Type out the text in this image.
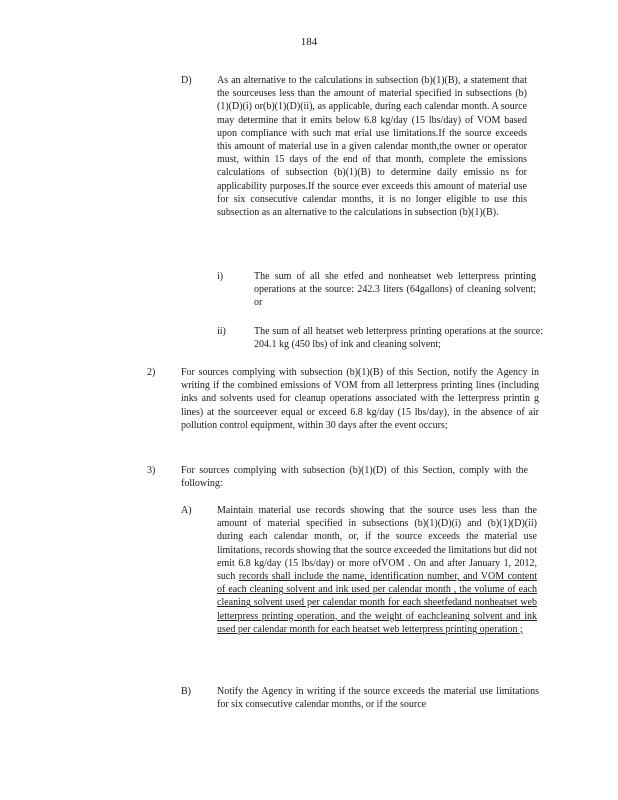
184
D)	As an alternative to the calculations in subsection (b)(1)(B), a statement that the sourceuses less than the amount of material specified in subsections (b)(1)(D)(i) or(b)(1)(D)(ii), as applicable, during each calendar month. A source may determine that it emits below 6.8 kg/day (15 lbs/day) of VOM based upon compliance with such mat erial use limitations.If the source exceeds this amount of material use in a given calendar month,the owner or operator must, within 15 days of the end of that month, complete the emissions calculations of subsection (b)(1)(B) to determine daily emissio ns for applicability purposes.If the source ever exceeds this amount of material use for six consecutive calendar months, it is no longer eligible to use this subsection as an alternative to the calculations in subsection (b)(1)(B).
i)	The sum of all she etfed and nonheatset web letterpress printing operations at the source: 242.3 liters (64gallons) of cleaning solvent; or
ii)	The sum of all heatset web letterpress printing operations at the source: 204.1 kg (450 lbs) of ink and cleaning solvent;
2)	For sources complying with subsection (b)(1)(B) of this Section, notify the Agency in writing if the combined emissions of VOM from all letterpress printing lines (including inks and solvents used for cleanup operations associated with the letterpress printin g lines) at the sourceever equal or exceed 6.8 kg/day (15 lbs/day), in the absence of air pollution control equipment, within 30 days after the event occurs;
3)	For sources complying with subsection (b)(1)(D) of this Section, comply with the following:
A)	Maintain material use records showing that the source uses less than the amount of material specified in subsections (b)(1)(D)(i) and (b)(1)(D)(ii) during each calendar month, or, if the source exceeds the material use limitations, records showing that the source exceeded the limitations but did not emit 6.8 kg/day (15 lbs/day) or more ofVOM . On and after January 1, 2012, such records shall include the name, identification number, and VOM content of each cleaning solvent and ink used per calendar month , the volume of each cleaning solvent used per calendar month for each sheetfedand nonheatset web letterpress printing operation, and the weight of eachcleaning solvent and ink used per calendar month for each heatset web letterpress printing operation ;
B)	Notify the Agency in writing if the source exceeds the material use limitations for six consecutive calendar months, or if the source
